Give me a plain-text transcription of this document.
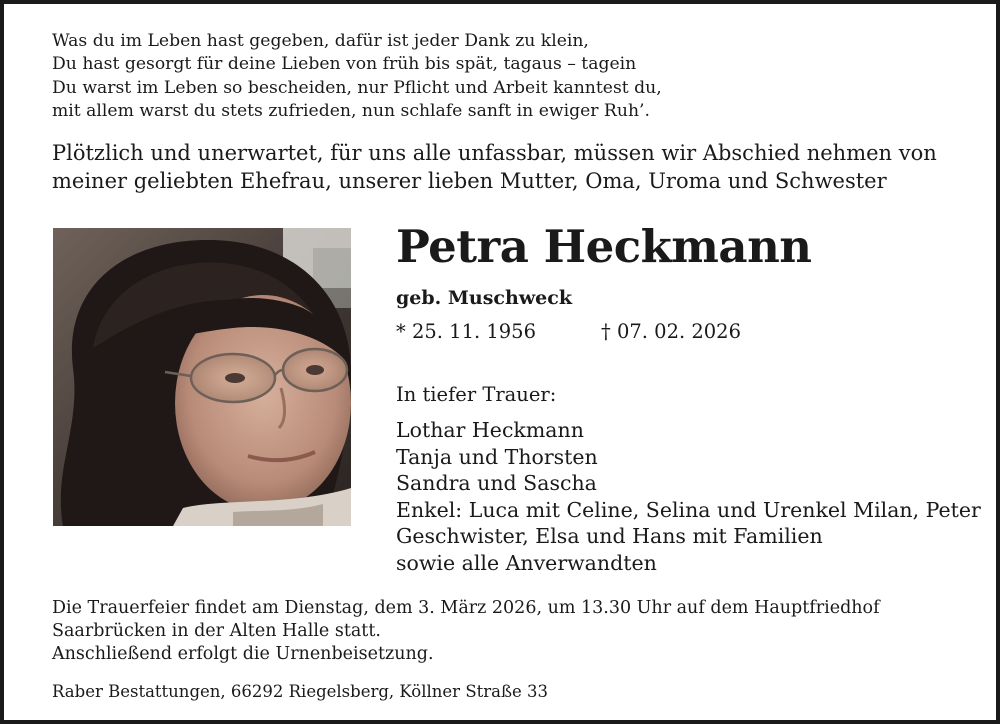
Was du im Leben hast gegeben, dafür ist jeder Dank zu klein,
Du hast gesorgt für deine Lieben von früh bis spät, tagaus – tagein
Du warst im Leben so bescheiden, nur Pflicht und Arbeit kanntest du,
mit allem warst du stets zufrieden, nun schlafe sanft in ewiger Ruh’.

Plötzlich und unerwartet, für uns alle unfassbar, müssen wir Abschied nehmen von
meiner geliebten Ehefrau, unserer lieben Mutter, Oma, Uroma und Schwester

Petra Heckmann
geb. Muschweck
* 25. 11. 1956	† 07. 02. 2026
In tiefer Trauer:

Lothar Heckmann
Tanja und Thorsten
Sandra und Sascha
Enkel: Luca mit Celine, Selina und Urenkel Milan, Peter
Geschwister, Elsa und Hans mit Familien
sowie alle Anverwandten

Die Trauerfeier findet am Dienstag, dem 3. März 2026, um 13.30 Uhr auf dem Hauptfriedhof
Saarbrücken in der Alten Halle statt.
Anschließend erfolgt die Urnenbeisetzung.

Raber Bestattungen, 66292 Riegelsberg, Köllner Straße 33
